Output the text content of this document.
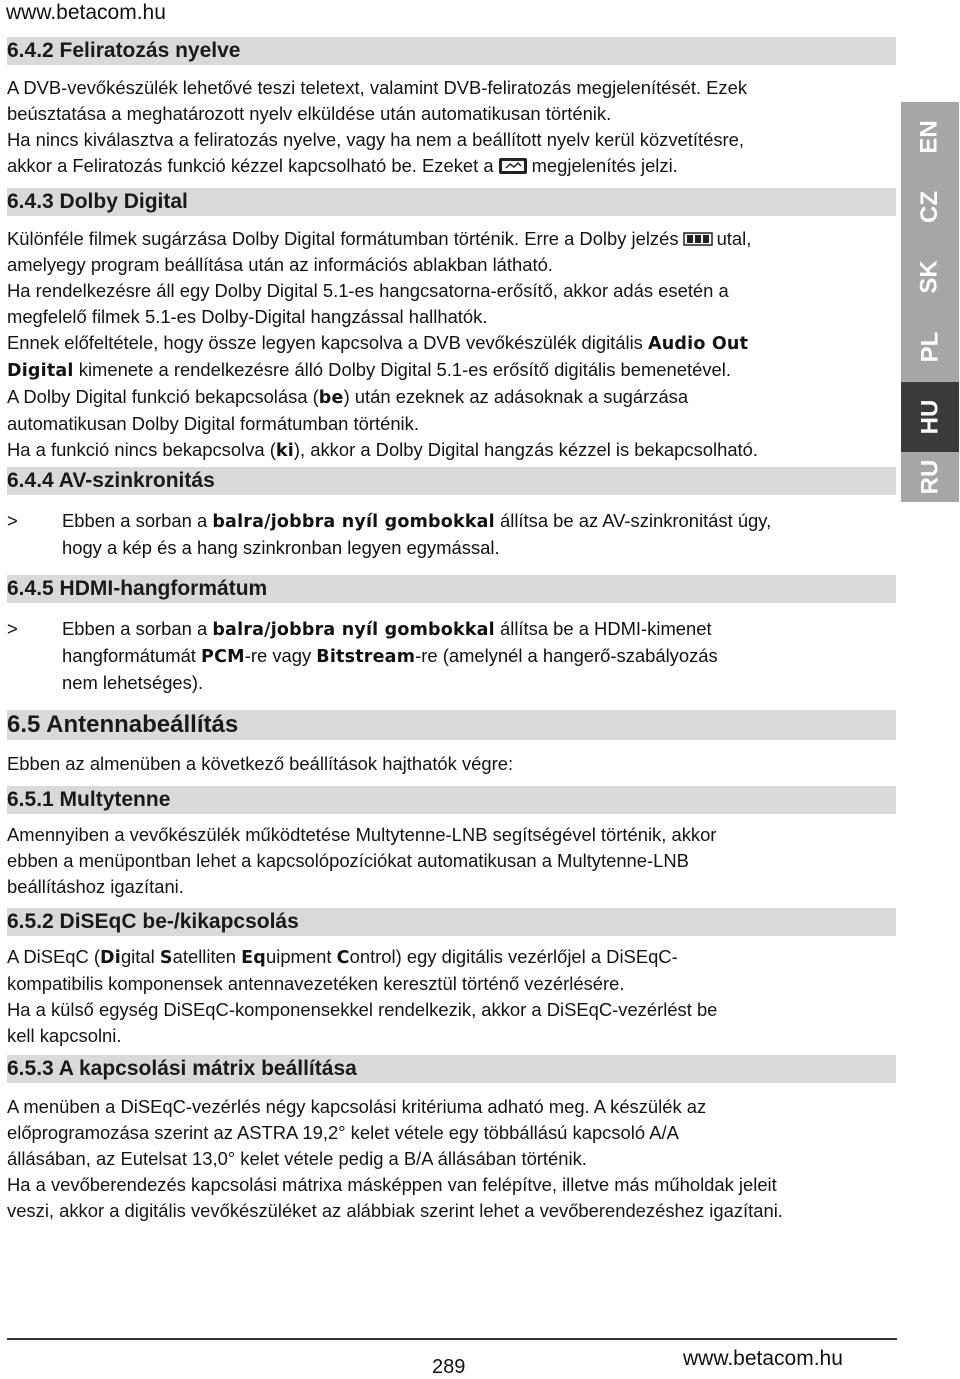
www.betacom.hu
6.4.2 Feliratozás nyelve
A DVB-vevőkészülék lehetővé teszi teletext, valamint DVB-feliratozás megjelenítését. Ezek
beúsztatása a meghatározott nyelv elküldése után automatikusan történik.
Ha nincs kiválasztva a feliratozás nyelve, vagy ha nem a beállított nyelv kerül közvetítésre,
akkor a Feliratozás funkció kézzel kapcsolható be. Ezeket a megjelenítés jelzi.
6.4.3 Dolby Digital
Különféle filmek sugárzása Dolby Digital formátumban történik. Erre a Dolby jelzés utal,
amelyegy program beállítása után az információs ablakban látható.
Ha rendelkezésre áll egy Dolby Digital 5.1-es hangcsatorna-erősítő, akkor adás esetén a
megfelelő filmek 5.1-es Dolby-Digital hangzással hallhatók.
Ennek előfeltétele, hogy össze legyen kapcsolva a DVB vevőkészülék digitális Audio Out
Digital kimenete a rendelkezésre álló Dolby Digital 5.1-es erősítő digitális bemenetével.
A Dolby Digital funkció bekapcsolása (be) után ezeknek az adásoknak a sugárzása
automatikusan Dolby Digital formátumban történik.
Ha a funkció nincs bekapcsolva (ki), akkor a Dolby Digital hangzás kézzel is bekapcsolható.
6.4.4 AV-szinkronitás
> Ebben a sorban a balra/jobbra nyíl gombokkal állítsa be az AV-szinkronitást úgy,
hogy a kép és a hang szinkronban legyen egymással.
6.4.5 HDMI-hangformátum
> Ebben a sorban a balra/jobbra nyíl gombokkal állítsa be a HDMI-kimenet
hangformátumát PCM-re vagy Bitstream-re (amelynél a hangerő-szabályozás
nem lehetséges).
6.5 Antennabeállítás
Ebben az almenüben a következő beállítások hajthatók végre:
6.5.1 Multytenne
Amennyiben a vevőkészülék működtetése Multytenne-LNB segítségével történik, akkor
ebben a menüpontban lehet a kapcsolópozíciókat automatikusan a Multytenne-LNB
beállításhoz igazítani.
6.5.2 DiSEqC be-/kikapcsolás
A DiSEqC (Digital Satelliten Equipment Control) egy digitális vezérlőjel a DiSEqC-
kompatibilis komponensek antennavezetéken keresztül történő vezérlésére.
Ha a külső egység DiSEqC-komponensekkel rendelkezik, akkor a DiSEqC-vezérlést be
kell kapcsolni.
6.5.3 A kapcsolási mátrix beállítása
A menüben a DiSEqC-vezérlés négy kapcsolási kritériuma adható meg. A készülék az
előprogramozása szerint az ASTRA 19,2° kelet vétele egy többállású kapcsoló A/A
állásában, az Eutelsat 13,0° kelet vétele pedig a B/A állásában történik.
Ha a vevőberendezés kapcsolási mátrixa másképpen van felépítve, illetve más műholdak jeleit
veszi, akkor a digitális vevőkészüléket az alábbiak szerint lehet a vevőberendezéshez igazítani.
EN
CZ
SK
PL
HU
RU
289	www.betacom.hu
